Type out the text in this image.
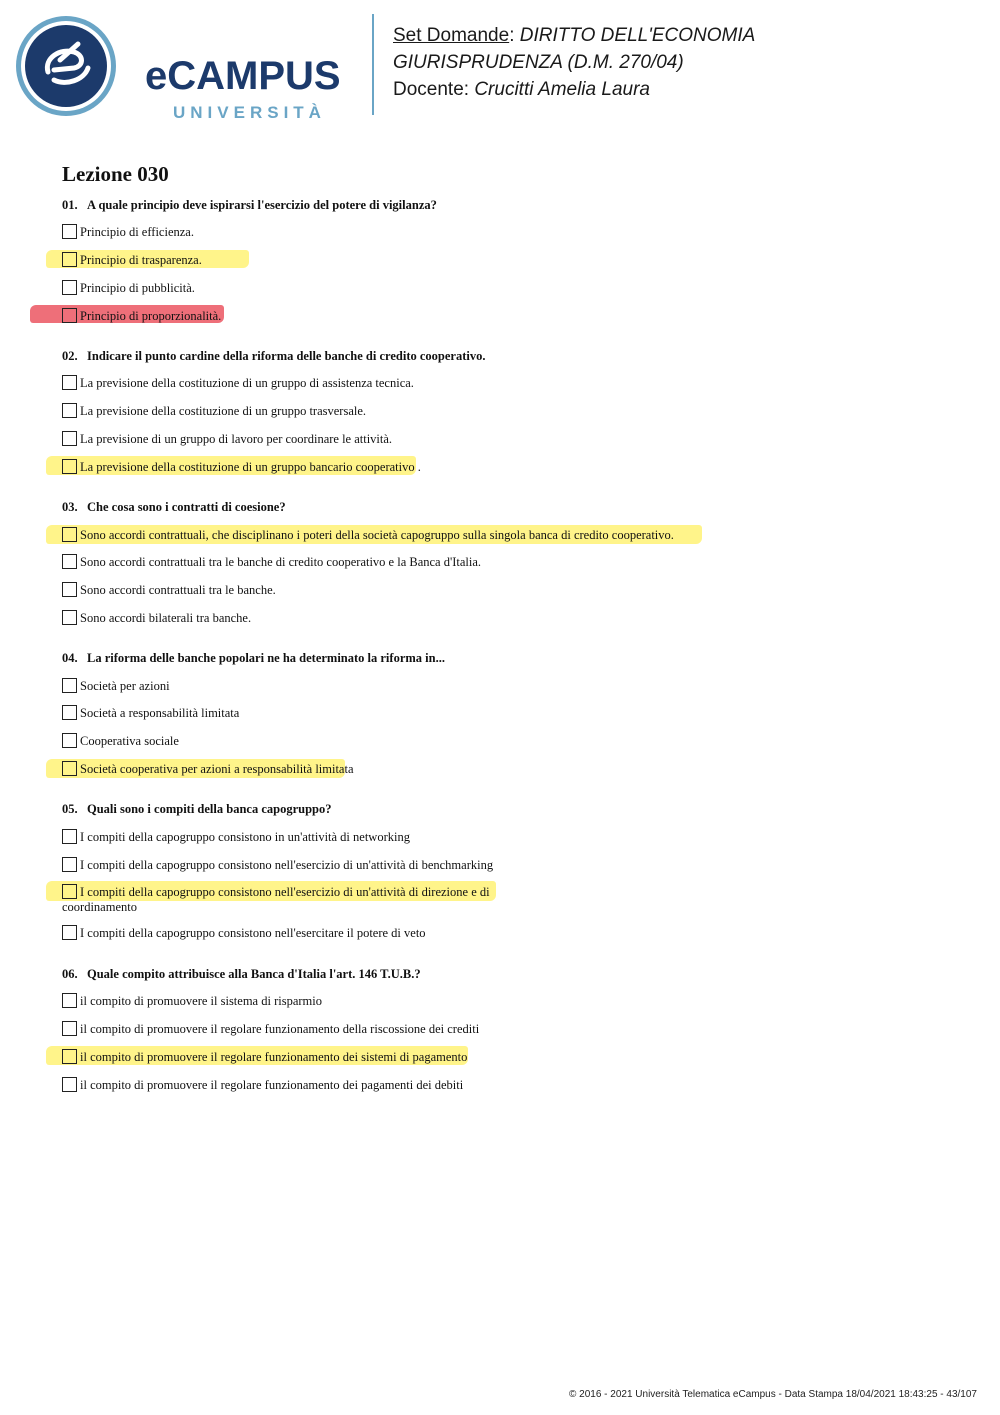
eCAMPUS
UNIVERSITÀ
Set Domande: DIRITTO DELL'ECONOMIA
GIURISPRUDENZA (D.M. 270/04)
Docente: Crucitti Amelia Laura
Lezione 030
01. A quale principio deve ispirarsi l'esercizio del potere di vigilanza?
Principio di efficienza.
Principio di trasparenza.
Principio di pubblicità.
Principio di proporzionalità.
02. Indicare il punto cardine della riforma delle banche di credito cooperativo.
La previsione della costituzione di un gruppo di assistenza tecnica.
La previsione della costituzione di un gruppo trasversale.
La previsione di un gruppo di lavoro per coordinare le attività.
La previsione della costituzione di un gruppo bancario cooperativo .
03. Che cosa sono i contratti di coesione?
Sono accordi contrattuali, che disciplinano i poteri della società capogruppo sulla singola banca di credito cooperativo.
Sono accordi contrattuali tra le banche di credito cooperativo e la Banca d'Italia.
Sono accordi contrattuali tra le banche.
Sono accordi bilaterali tra banche.
04. La riforma delle banche popolari ne ha determinato la riforma in...
Società per azioni
Società a responsabilità limitata
Cooperativa sociale
Società cooperativa per azioni a responsabilità limitata
05. Quali sono i compiti della banca capogruppo?
I compiti della capogruppo consistono in un'attività di networking
I compiti della capogruppo consistono nell'esercizio di un'attività di benchmarking
I compiti della capogruppo consistono nell'esercizio di un'attività di direzione e di
coordinamento
I compiti della capogruppo consistono nell'esercitare il potere di veto
06. Quale compito attribuisce alla Banca d'Italia l'art. 146 T.U.B.?
il compito di promuovere il sistema di risparmio
il compito di promuovere il regolare funzionamento della riscossione dei crediti
il compito di promuovere il regolare funzionamento dei sistemi di pagamento
il compito di promuovere il regolare funzionamento dei pagamenti dei debiti
© 2016 - 2021 Università Telematica eCampus - Data Stampa 18/04/2021 18:43:25 - 43/107
